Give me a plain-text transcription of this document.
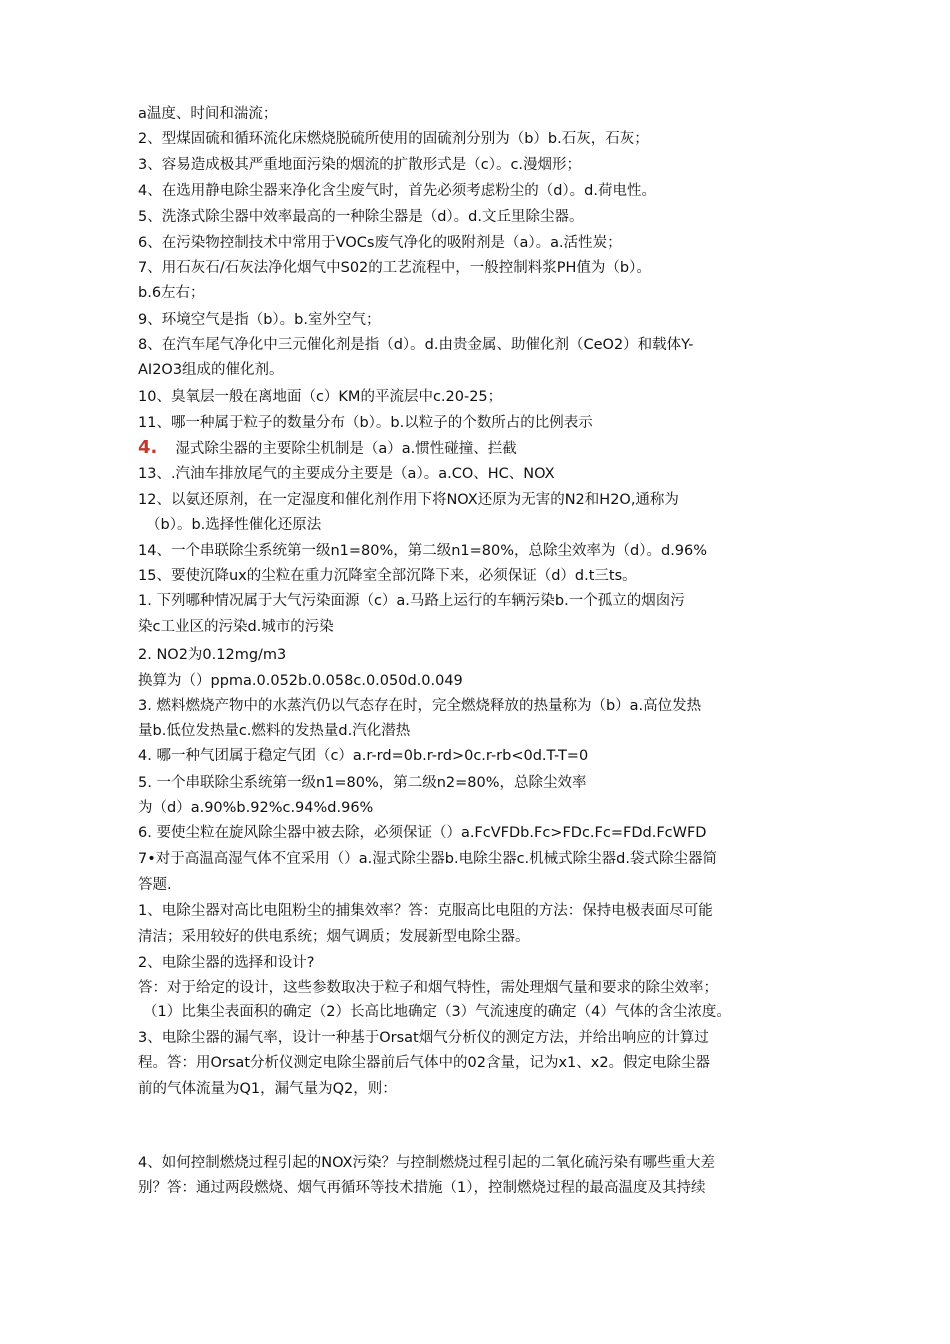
a温度、时间和湍流；
2、型煤固硫和循环流化床燃烧脱硫所使用的固硫剂分别为（b）b.石灰，石灰；
3、容易造成极其严重地面污染的烟流的扩散形式是（c）。c.漫烟形；
4、在选用静电除尘器来净化含尘废气时，首先必须考虑粉尘的（d）。d.荷电性。
5、洗涤式除尘器中效率最高的一种除尘器是（d）。d.文丘里除尘器。
6、在污染物控制技术中常用于VOCs废气净化的吸附剂是（a）。a.活性炭；
7、用石灰石/石灰法净化烟气中S02的工艺流程中，一般控制料浆PH值为（b）。
b.6左右；
9、环境空气是指（b）。b.室外空气；
8、在汽车尾气净化中三元催化剂是指（d）。d.由贵金属、助催化剂（CeO2）和载体Y-
AI2O3组成的催化剂。
10、臭氧层一般在离地面（c）KM的平流层中c.20-25；
11、哪一种属于粒子的数量分布（b）。b.以粒子的个数所占的比例表示
4. 湿式除尘器的主要除尘机制是（a）a.惯性碰撞、拦截
13、.汽油车排放尾气的主要成分主要是（a）。a.CO、HC、NOX
12、以氨还原剂，在一定湿度和催化剂作用下将NOX还原为无害的N2和H2O,通称为
（b）。b.选择性催化还原法
14、一个串联除尘系统第一级n1=80%，第二级n1=80%，总除尘效率为（d）。d.96%
15、要使沉降ux的尘粒在重力沉降室全部沉降下来，必须保证（d）d.t三ts。
1. 下列哪种情况属于大气污染面源（c）a.马路上运行的车辆污染b.一个孤立的烟囱污
染c工业区的污染d.城市的污染
2. NO2为0.12mg/m3
换算为（）ppma.0.052b.0.058c.0.050d.0.049
3. 燃料燃烧产物中的水蒸汽仍以气态存在时，完全燃烧释放的热量称为（b）a.高位发热
量b.低位发热量c.燃料的发热量d.汽化潜热
4. 哪一种气团属于稳定气团（c）a.r-rd=0b.r-rd>0c.r-rb<0d.T-T=0
5. 一个串联除尘系统第一级n1=80%，第二级n2=80%，总除尘效率
为（d）a.90%b.92%c.94%d.96%
6. 要使尘粒在旋风除尘器中被去除，必须保证（）a.FcVFDb.Fc>FDc.Fc=FDd.FcWFD
7•对于高温高湿气体不宜采用（）a.湿式除尘器b.电除尘器c.机械式除尘器d.袋式除尘器简
答题.
1、电除尘器对高比电阻粉尘的捕集效率？答：克服高比电阻的方法：保持电极表面尽可能
清洁；采用较好的供电系统；烟气调质；发展新型电除尘器。
2、电除尘器的选择和设计?
答：对于给定的设计，这些参数取决于粒子和烟气特性，需处理烟气量和要求的除尘效率；
（1）比集尘表面积的确定（2）长高比地确定（3）气流速度的确定（4）气体的含尘浓度。
3、电除尘器的漏气率，设计一种基于Orsat烟气分析仪的测定方法，并给出响应的计算过
程。答：用Orsat分析仪测定电除尘器前后气体中的02含量，记为x1、x2。假定电除尘器
前的气体流量为Q1，漏气量为Q2，则：
4、如何控制燃烧过程引起的NOX污染？与控制燃烧过程引起的二氧化硫污染有哪些重大差
别？答：通过两段燃烧、烟气再循环等技术措施（1），控制燃烧过程的最高温度及其持续
